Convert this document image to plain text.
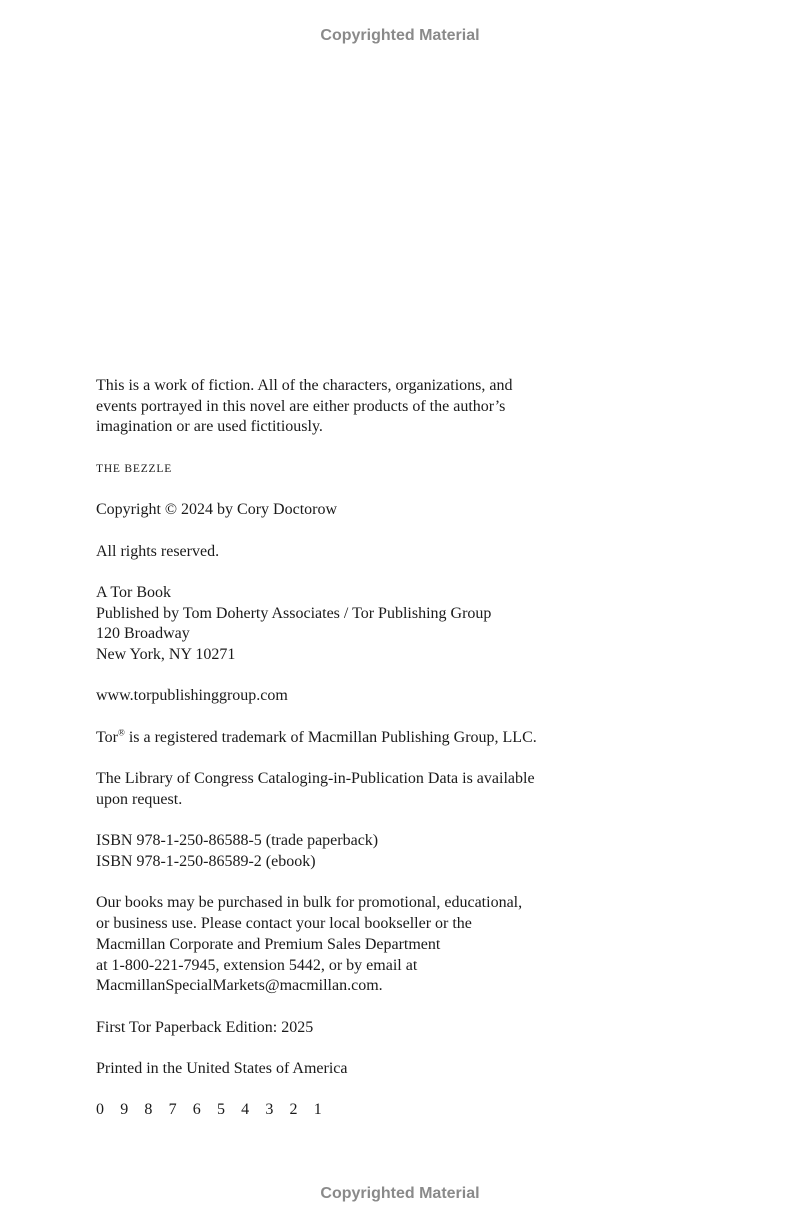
Copyrighted Material

This is a work of fiction. All of the characters, organizations, and
events portrayed in this novel are either products of the author’s
imagination or are used fictitiously.

THE BEZZLE

Copyright © 2024 by Cory Doctorow

All rights reserved.

A Tor Book
Published by Tom Doherty Associates / Tor Publishing Group
120 Broadway
New York, NY 10271

www.torpublishinggroup.com

Tor® is a registered trademark of Macmillan Publishing Group, LLC.

The Library of Congress Cataloging-in-Publication Data is available
upon request.

ISBN 978-1-250-86588-5 (trade paperback)
ISBN 978-1-250-86589-2 (ebook)

Our books may be purchased in bulk for promotional, educational,
or business use. Please contact your local bookseller or the
Macmillan Corporate and Premium Sales Department
at 1-800-221-7945, extension 5442, or by email at
MacmillanSpecialMarkets@macmillan.com.

First Tor Paperback Edition: 2025

Printed in the United States of America

0 9 8 7 6 5 4 3 2 1

Copyrighted Material
